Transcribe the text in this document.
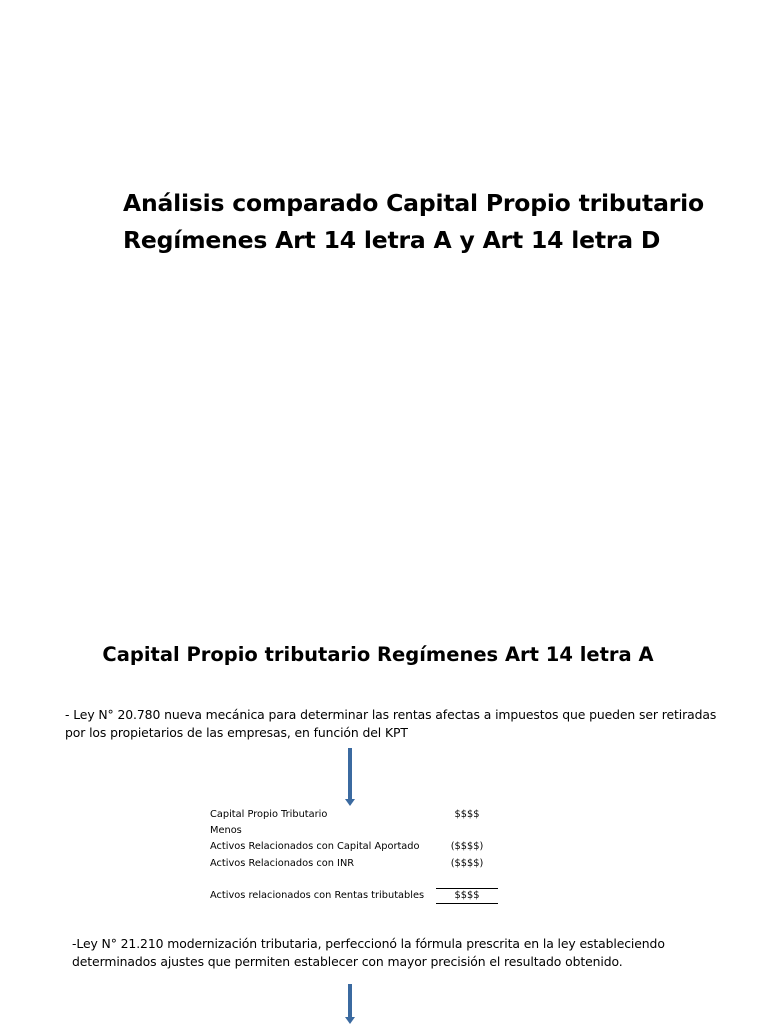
Análisis comparado Capital Propio tributario
Regímenes Art 14 letra A y Art 14 letra D
Capital Propio tributario Regímenes Art 14 letra A
- Ley N° 20.780 nueva mecánica para determinar las rentas afectas a impuestos que pueden ser retiradas
por los propietarios de las empresas, en función del KPT
Capital Propio Tributario	$$$$
Menos
Activos Relacionados con Capital Aportado	($$$$)
Activos Relacionados con INR	($$$$)
Activos relacionados con Rentas tributables	$$$$
-Ley N° 21.210 modernización tributaria, perfeccionó la fórmula prescrita en la ley estableciendo
determinados ajustes que permiten establecer con mayor precisión el resultado obtenido.
